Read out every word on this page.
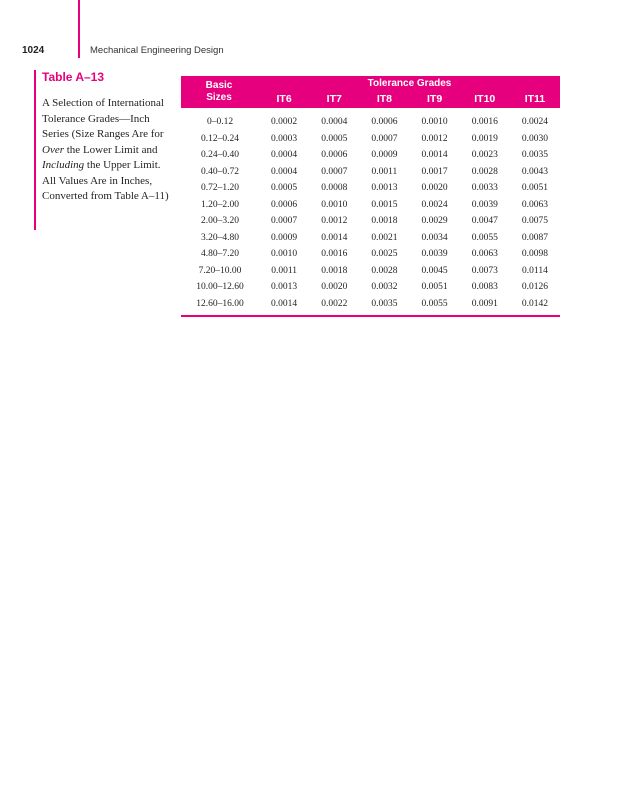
1024	Mechanical Engineering Design

Table A–13

A Selection of International Tolerance Grades—Inch Series (Size Ranges Are for Over the Lower Limit and Including the Upper Limit. All Values Are in Inches, Converted from Table A–11)

Basic
Sizes
Tolerance Grades
IT6	IT7	IT8	IT9	IT10	IT11
0–0.12	0.0002	0.0004	0.0006	0.0010	0.0016	0.0024
0.12–0.24	0.0003	0.0005	0.0007	0.0012	0.0019	0.0030
0.24–0.40	0.0004	0.0006	0.0009	0.0014	0.0023	0.0035
0.40–0.72	0.0004	0.0007	0.0011	0.0017	0.0028	0.0043
0.72–1.20	0.0005	0.0008	0.0013	0.0020	0.0033	0.0051
1.20–2.00	0.0006	0.0010	0.0015	0.0024	0.0039	0.0063
2.00–3.20	0.0007	0.0012	0.0018	0.0029	0.0047	0.0075
3.20–4.80	0.0009	0.0014	0.0021	0.0034	0.0055	0.0087
4.80–7.20	0.0010	0.0016	0.0025	0.0039	0.0063	0.0098
7.20–10.00	0.0011	0.0018	0.0028	0.0045	0.0073	0.0114
10.00–12.60	0.0013	0.0020	0.0032	0.0051	0.0083	0.0126
12.60–16.00	0.0014	0.0022	0.0035	0.0055	0.0091	0.0142
